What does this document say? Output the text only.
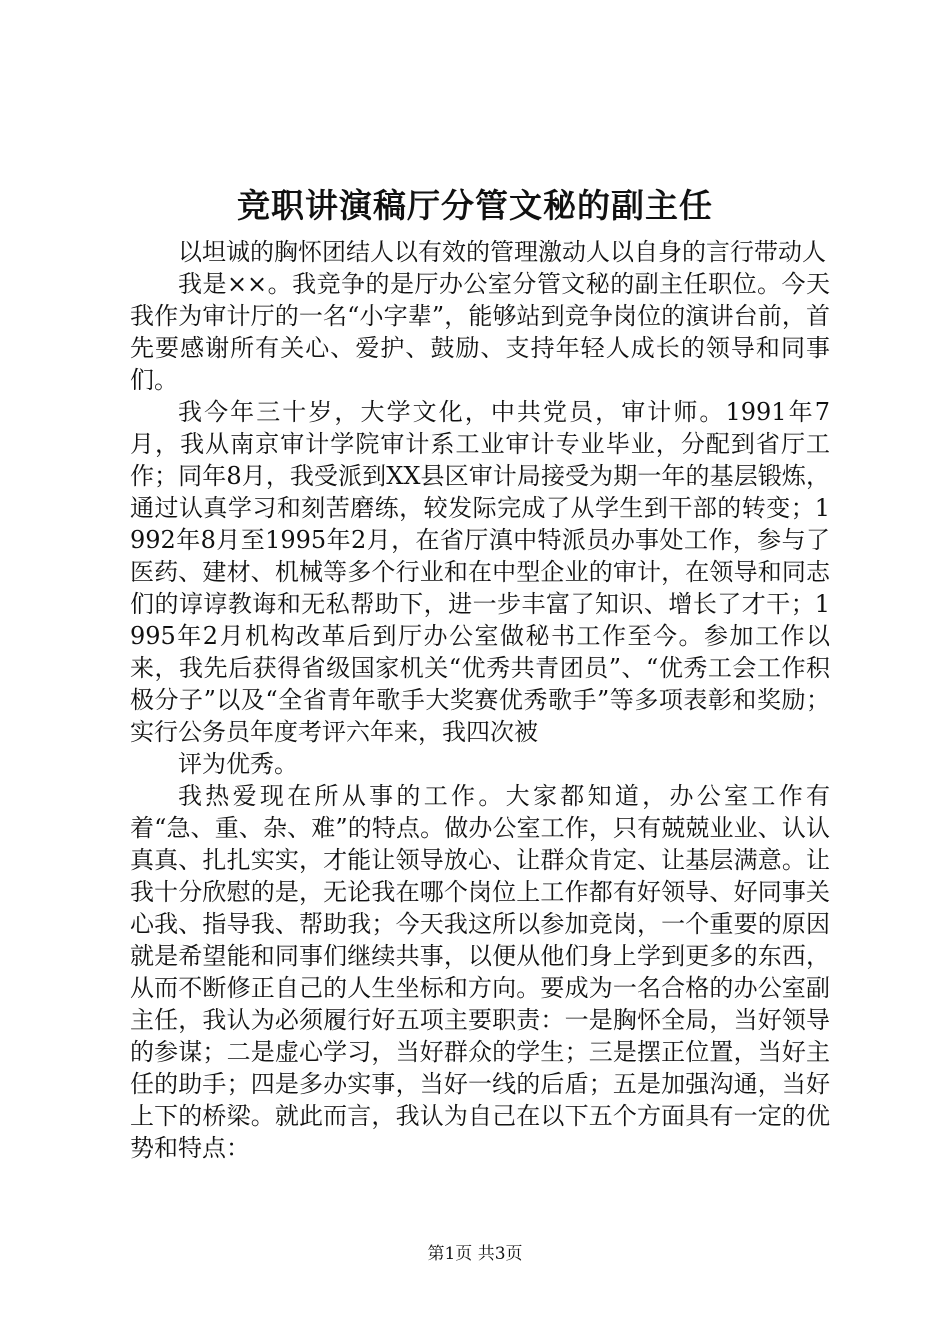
竞职讲演稿厅分管文秘的副主任

以坦诚的胸怀团结人以有效的管理激动人以自身的言行带动人

我是××。我竞争的是厅办公室分管文秘的副主任职位。今天我作为审计厅的一名“小字辈”，能够站到竞争岗位的演讲台前，首先要感谢所有关心、爱护、鼓励、支持年轻人成长的领导和同事们。

我今年三十岁，大学文化，中共党员，审计师。1991年7月，我从南京审计学院审计系工业审计专业毕业，分配到省厅工作；同年8月，我受派到XX县区审计局接受为期一年的基层锻炼，通过认真学习和刻苦磨练，较发际完成了从学生到干部的转变；1992年8月至1995年2月，在省厅滇中特派员办事处工作，参与了医药、建材、机械等多个行业和在中型企业的审计，在领导和同志们的谆谆教诲和无私帮助下，进一步丰富了知识、增长了才干；1995年2月机构改革后到厅办公室做秘书工作至今。参加工作以来，我先后获得省级国家机关“优秀共青团员”、“优秀工会工作积极分子”以及“全省青年歌手大奖赛优秀歌手”等多项表彰和奖励；实行公务员年度考评六年来，我四次被

评为优秀。

我热爱现在所从事的工作。大家都知道，办公室工作有着“急、重、杂、难”的特点。做办公室工作，只有兢兢业业、认认真真、扎扎实实，才能让领导放心、让群众肯定、让基层满意。让我十分欣慰的是，无论我在哪个岗位上工作都有好领导、好同事关心我、指导我、帮助我；今天我这所以参加竞岗，一个重要的原因就是希望能和同事们继续共事，以便从他们身上学到更多的东西，从而不断修正自己的人生坐标和方向。要成为一名合格的办公室副主任，我认为必须履行好五项主要职责：一是胸怀全局，当好领导的参谋；二是虚心学习，当好群众的学生；三是摆正位置，当好主任的助手；四是多办实事，当好一线的后盾；五是加强沟通，当好上下的桥梁。就此而言，我认为自己在以下五个方面具有一定的优势和特点：

第1页 共3页
